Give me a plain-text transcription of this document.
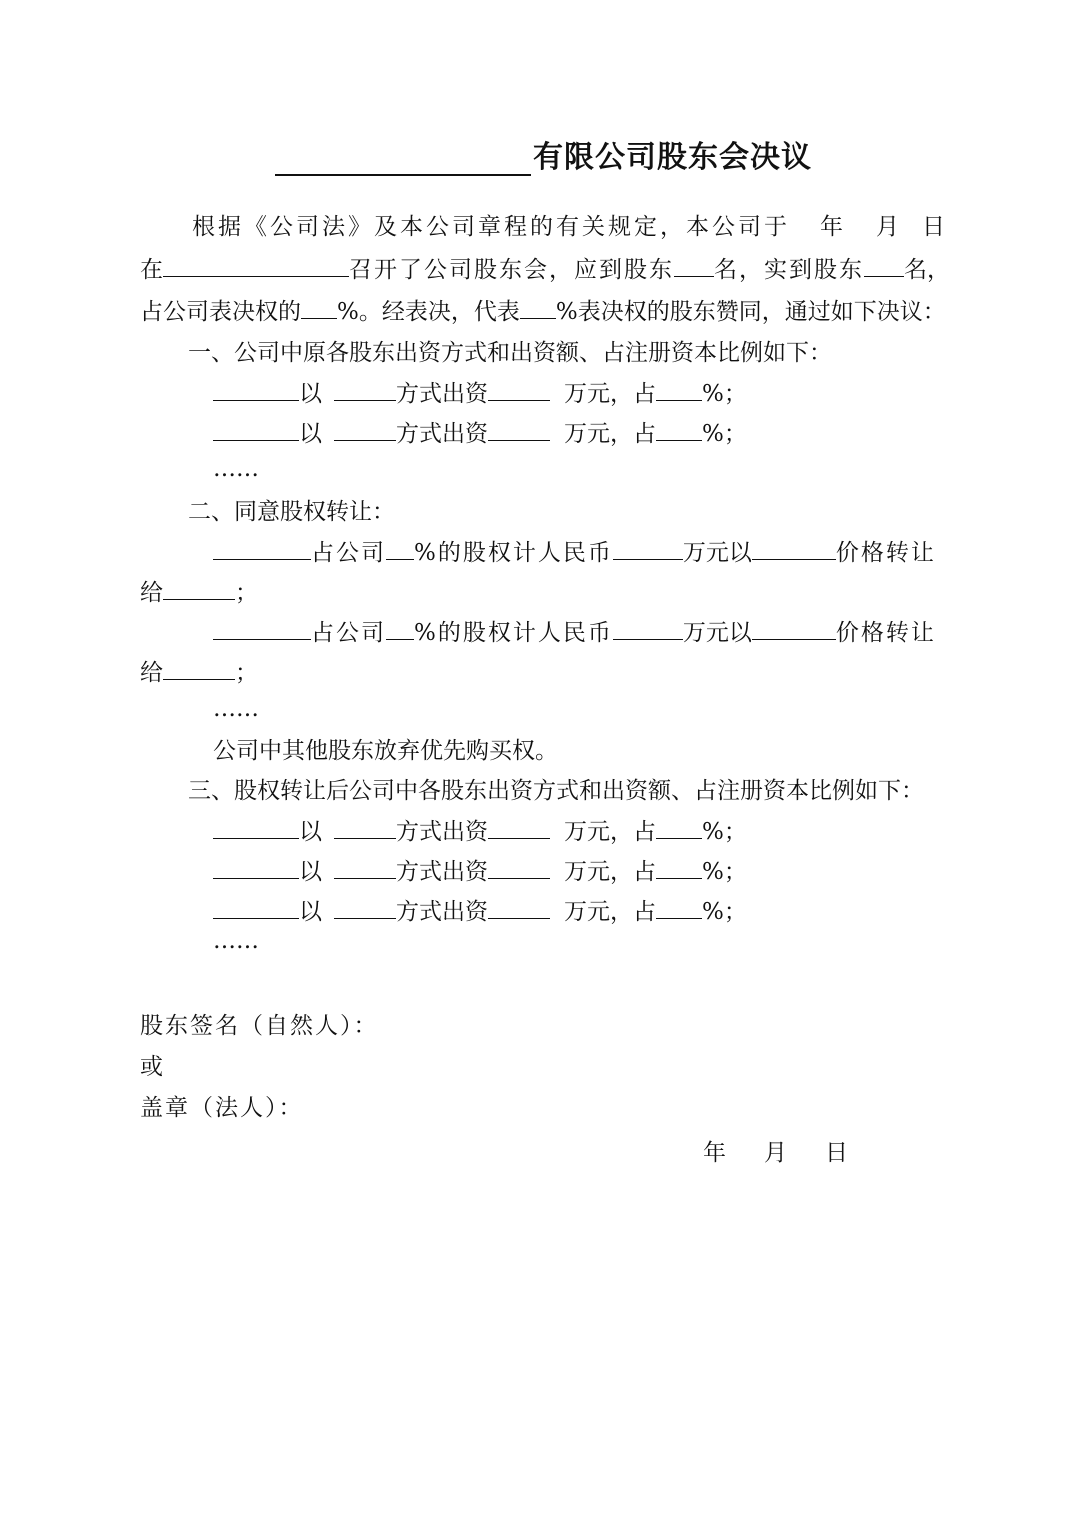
有限公司股东会决议
根据《公司法》及本公司章程的有关规定，本公司于 年 月 日
在	召开了公司股东会，应到股东 名，实到股东 名，
占公司表决权的 %。经表决，代表 %表决权的股东赞同，通过如下决议：
一、公司中原各股东出资方式和出资额、占注册资本比例如下：
以	方式出资	万元，占 %；
以	方式出资	万元，占 %；
……
二、同意股权转让：
占公司 %的股权计人民币	万元以	价格转让
给	；
占公司 %的股权计人民币	万元以	价格转让
给	；
……
公司中其他股东放弃优先购买权。
三、股权转让后公司中各股东出资方式和出资额、占注册资本比例如下：
以	方式出资	万元，占 %；
以	方式出资	万元，占 %；
以	方式出资	万元，占 %；
……
股东签名（自然人）：
或
盖章（法人）：
年 月 日
